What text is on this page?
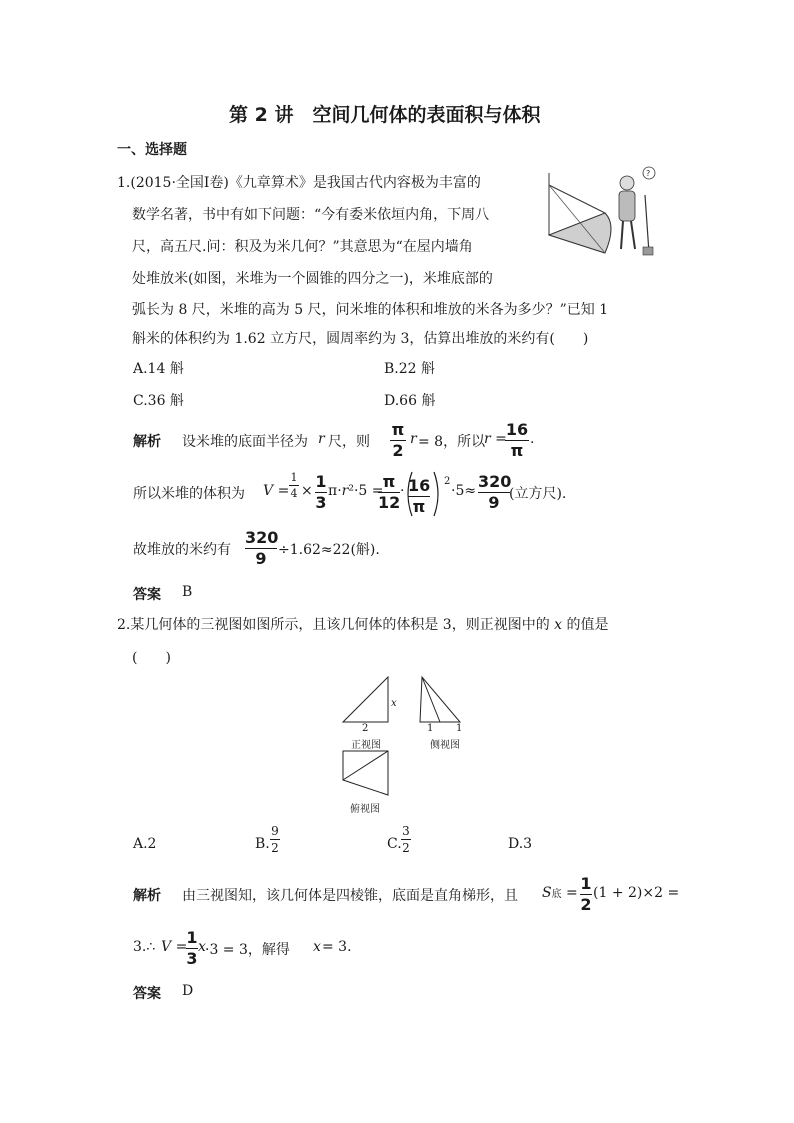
第 2 讲　空间几何体的表面积与体积
一、选择题
1.(2015·全国Ⅰ卷)《九章算术》是我国古代内容极为丰富的
数学名著，书中有如下问题：“今有委米依垣内角，下周八
尺，高五尺.问：积及为米几何？”其意思为“在屋内墙角
处堆放米(如图，米堆为一个圆锥的四分之一)，米堆底部的
弧长为 8 尺，米堆的高为 5 尺，问米堆的体积和堆放的米各为多少？”已知 1
斛米的体积约为 1.62 立方尺，圆周率约为 3，估算出堆放的米约有(　　)
?
A.14 斛	B.22 斛
C.36 斛	D.66 斛
解析 设米堆的底面半径为 r 尺，则
π
2
r = 8，所以
r =
16
π
.
所以米堆的体积为 V =
1
4 × 1
3
π·r²·5 = π
12
· 16
π
2
·5≈ 320
9 (立方尺).
故堆放的米约有
320
9 ÷1.62≈22(斛).
答案 B
2.某几何体的三视图如图所示，且该几何体的体积是 3，则正视图中的 x 的值是
(　　)
2
x
1 1
正视图	侧视图
俯视图
A.2	B.
9
2	C.
3
2	D.3
解析 由三视图知，该几何体是四棱锥，底面是直角梯形，且 S底 = 1
2
(1 + 2)×2 =
3.∴ V = 1
3
x ·3 = 3，解得 x = 3.
答案 D
